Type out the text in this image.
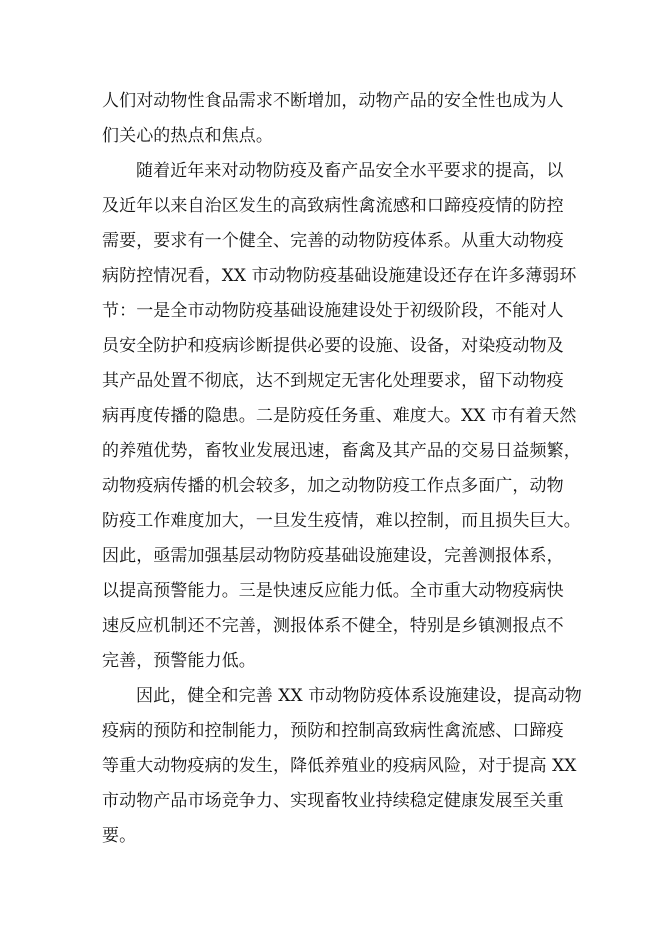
人们对动物性食品需求不断增加，动物产品的安全性也成为人
们关心的热点和焦点。

随着近年来对动物防疫及畜产品安全水平要求的提高，以
及近年以来自治区发生的高致病性禽流感和口蹄疫疫情的防控
需要，要求有一个健全、完善的动物防疫体系。从重大动物疫
病防控情况看，XX 市动物防疫基础设施建设还存在许多薄弱环
节：一是全市动物防疫基础设施建设处于初级阶段，不能对人
员安全防护和疫病诊断提供必要的设施、设备，对染疫动物及
其产品处置不彻底，达不到规定无害化处理要求，留下动物疫
病再度传播的隐患。二是防疫任务重、难度大。XX 市有着天然
的养殖优势，畜牧业发展迅速，畜禽及其产品的交易日益频繁，
动物疫病传播的机会较多，加之动物防疫工作点多面广，动物
防疫工作难度加大，一旦发生疫情，难以控制，而且损失巨大。
因此，亟需加强基层动物防疫基础设施建设，完善测报体系，
以提高预警能力。三是快速反应能力低。全市重大动物疫病快
速反应机制还不完善，测报体系不健全，特别是乡镇测报点不
完善，预警能力低。

因此，健全和完善 XX 市动物防疫体系设施建设，提高动物
疫病的预防和控制能力，预防和控制高致病性禽流感、口蹄疫
等重大动物疫病的发生，降低养殖业的疫病风险，对于提高 XX
市动物产品市场竞争力、实现畜牧业持续稳定健康发展至关重
要。
